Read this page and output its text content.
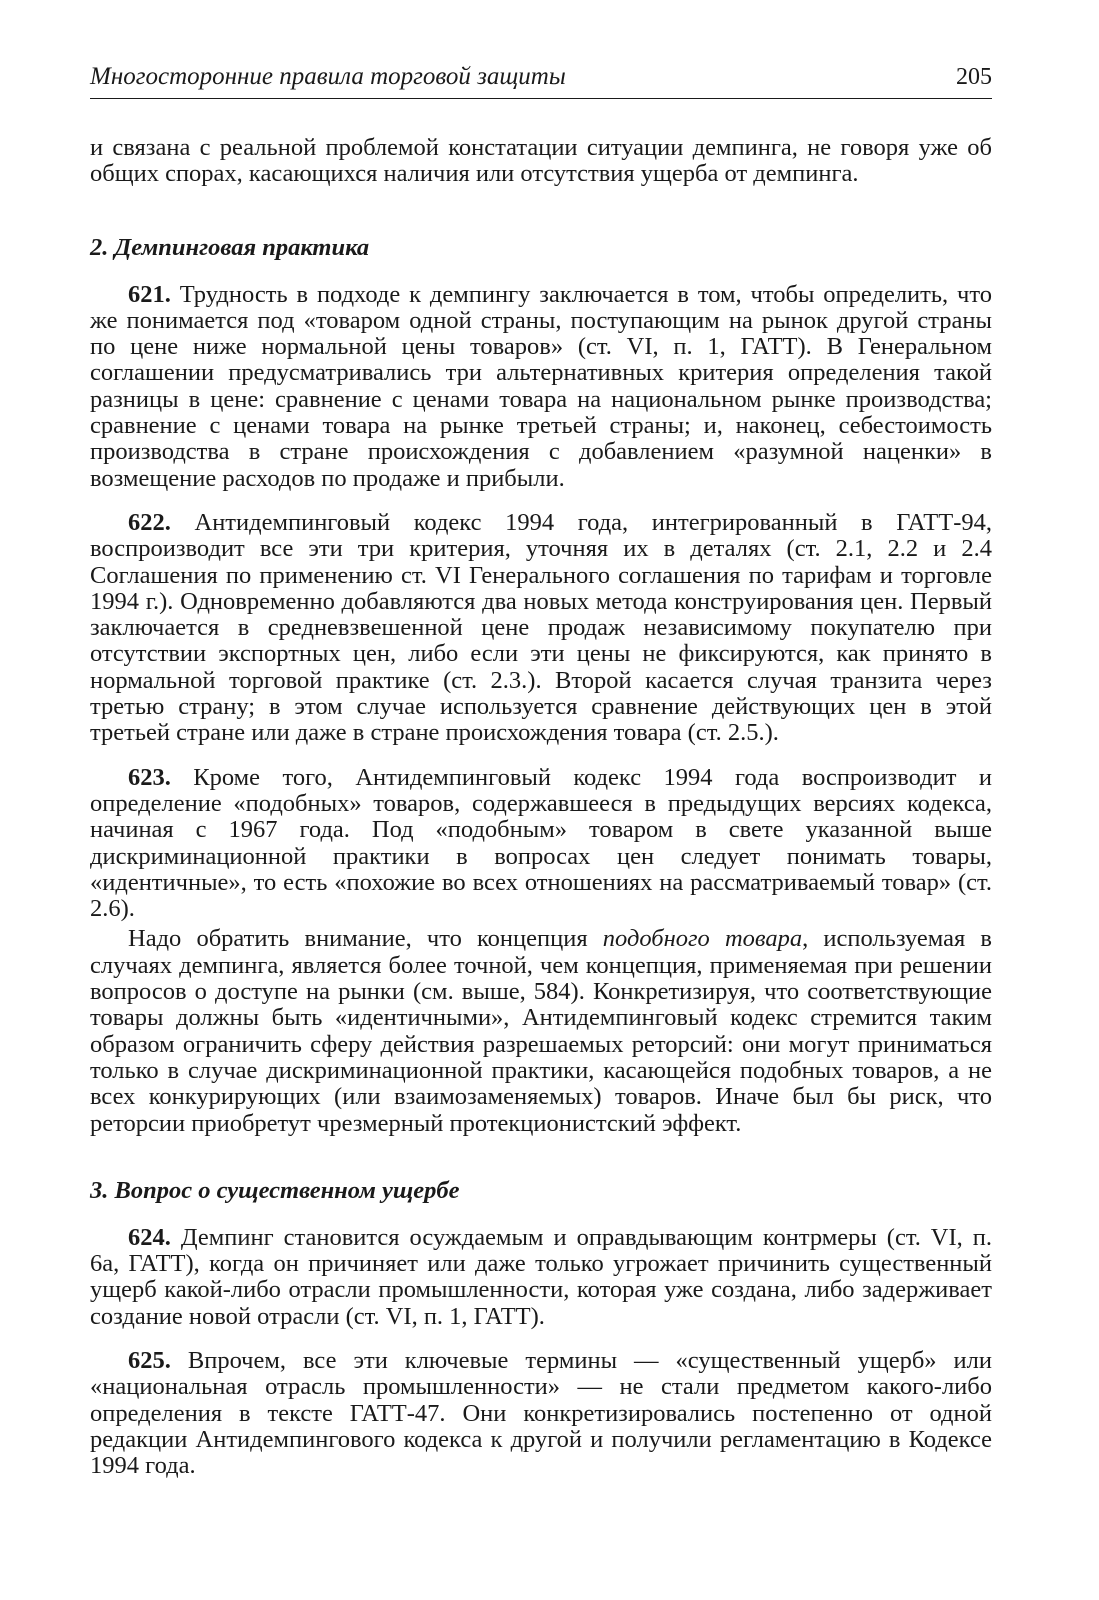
Многосторонние правила торговой защиты	205

и связана с реальной проблемой констатации ситуации демпинга, не говоря уже об общих спорах, касающихся наличия или отсутствия ущерба от демпинга.

2. Демпинговая практика

621. Трудность в подходе к демпингу заключается в том, чтобы определить, что же понимается под «товаром одной страны, поступающим на рынок другой страны по цене ниже нормальной цены товаров» (ст. VI, п. 1, ГАТТ). В Генеральном соглашении предусматривались три альтернативных критерия определения такой разницы в цене: сравнение с ценами товара на национальном рынке производства; сравнение с ценами товара на рынке третьей страны; и, наконец, себестоимость производства в стране происхождения с добавлением «разумной наценки» в возмещение расходов по продаже и прибыли.

622. Антидемпинговый кодекс 1994 года, интегрированный в ГАТТ-94, воспроизводит все эти три критерия, уточняя их в деталях (ст. 2.1, 2.2 и 2.4 Соглашения по применению ст. VI Генерального соглашения по тарифам и торговле 1994 г.). Одновременно добавляются два новых метода конструирования цен. Первый заключается в средневзвешенной цене продаж независимому покупателю при отсутствии экспортных цен, либо если эти цены не фиксируются, как принято в нормальной торговой практике (ст. 2.3.). Второй касается случая транзита через третью страну; в этом случае используется сравнение действующих цен в этой третьей стране или даже в стране происхождения товара (ст. 2.5.).

623. Кроме того, Антидемпинговый кодекс 1994 года воспроизводит и определение «подобных» товаров, содержавшееся в предыдущих версиях кодекса, начиная с 1967 года. Под «подобным» товаром в свете указанной выше дискриминационной практики в вопросах цен следует понимать товары, «идентичные», то есть «похожие во всех отношениях на рассматриваемый товар» (ст. 2.6).

Надо обратить внимание, что концепция подобного товара, используемая в случаях демпинга, является более точной, чем концепция, применяемая при решении вопросов о доступе на рынки (см. выше, 584). Конкретизируя, что соответствующие товары должны быть «идентичными», Антидемпинговый кодекс стремится таким образом ограничить сферу действия разрешаемых реторсий: они могут приниматься только в случае дискриминационной практики, касающейся подобных товаров, а не всех конкурирующих (или взаимозаменяемых) товаров. Иначе был бы риск, что реторсии приобретут чрезмерный протекционистский эффект.

3. Вопрос о существенном ущербе

624. Демпинг становится осуждаемым и оправдывающим контрмеры (ст. VI, п. 6а, ГАТТ), когда он причиняет или даже только угрожает причинить существенный ущерб какой-либо отрасли промышленности, которая уже создана, либо задерживает создание новой отрасли (ст. VI, п. 1, ГАТТ).

625. Впрочем, все эти ключевые термины — «существенный ущерб» или «национальная отрасль промышленности» — не стали предметом какого-либо определения в тексте ГАТТ-47. Они конкретизировались постепенно от одной редакции Антидемпингового кодекса к другой и получили регламентацию в Кодексе 1994 года.
